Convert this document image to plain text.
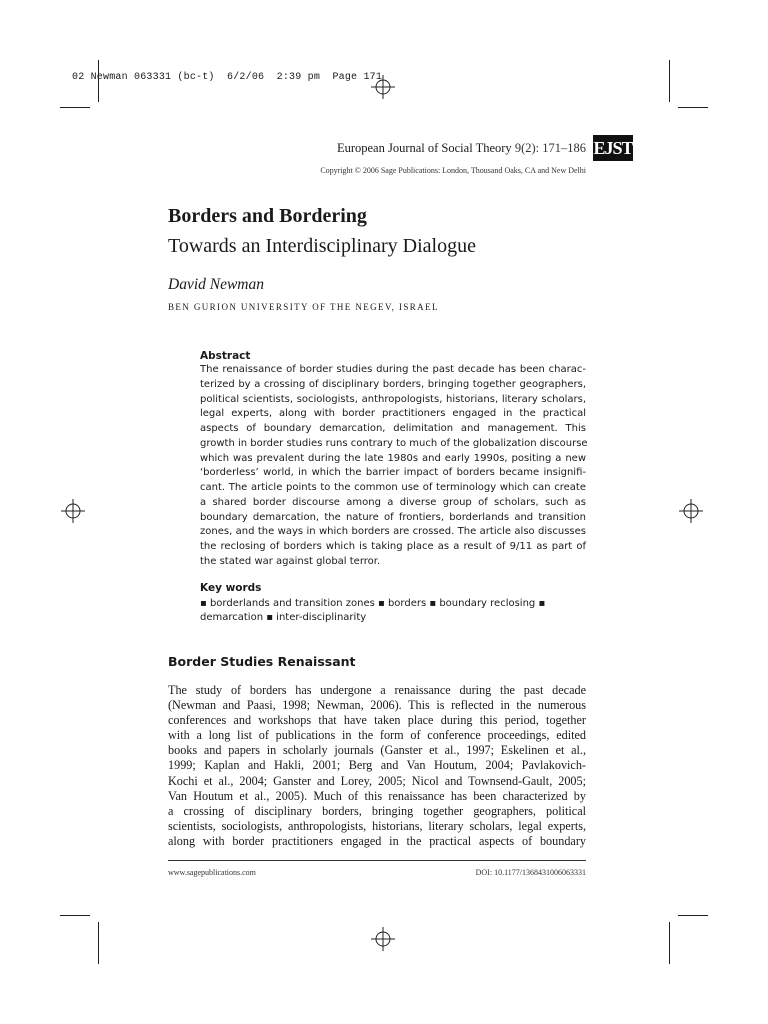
02 Newman 063331 (bc-t)  6/2/06  2:39 pm  Page 171
European Journal of Social Theory 9(2): 171–186 EJST
Copyright © 2006 Sage Publications: London, Thousand Oaks, CA and New Delhi
Borders and Bordering
Towards an Interdisciplinary Dialogue
David Newman
BEN GURION UNIVERSITY OF THE NEGEV, ISRAEL
Abstract
The renaissance of border studies during the past decade has been charac-
terized by a crossing of disciplinary borders, bringing together geographers,
political scientists, sociologists, anthropologists, historians, literary scholars,
legal experts, along with border practitioners engaged in the practical
aspects of boundary demarcation, delimitation and management. This
growth in border studies runs contrary to much of the globalization discourse
which was prevalent during the late 1980s and early 1990s, positing a new
‘borderless’ world, in which the barrier impact of borders became insignifi-
cant. The article points to the common use of terminology which can create
a shared border discourse among a diverse group of scholars, such as
boundary demarcation, the nature of frontiers, borderlands and transition
zones, and the ways in which borders are crossed. The article also discusses
the reclosing of borders which is taking place as a result of 9/11 as part of
the stated war against global terror.
Key words
▪ borderlands and transition zones ▪ borders ▪ boundary reclosing ▪
demarcation ▪ inter-disciplinarity
Border Studies Renaissant
The study of borders has undergone a renaissance during the past decade
(Newman and Paasi, 1998; Newman, 2006). This is reflected in the numerous
conferences and workshops that have taken place during this period, together
with a long list of publications in the form of conference proceedings, edited
books and papers in scholarly journals (Ganster et al., 1997; Eskelinen et al.,
1999; Kaplan and Hakli, 2001; Berg and Van Houtum, 2004; Pavlakovich-
Kochi et al., 2004; Ganster and Lorey, 2005; Nicol and Townsend-Gault, 2005;
Van Houtum et al., 2005). Much of this renaissance has been characterized by
a crossing of disciplinary borders, bringing together geographers, political
scientists, sociologists, anthropologists, historians, literary scholars, legal experts,
along with border practitioners engaged in the practical aspects of boundary
www.sagepublications.com	DOI: 10.1177/1368431006063331
